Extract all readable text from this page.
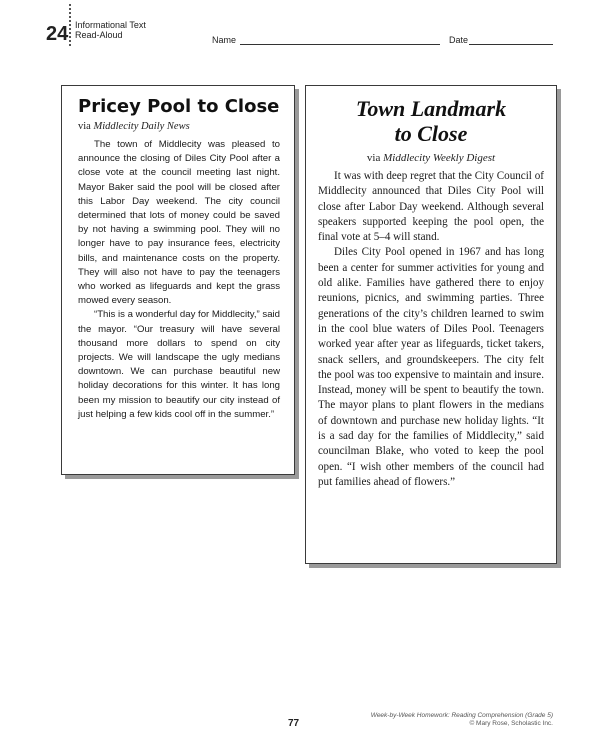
24 Informational Text
Read-Aloud	Name	Date
Pricey Pool to Close
via Middlecity Daily News

The town of Middlecity was pleased to announce the closing of Diles City Pool after a close vote at the council meeting last night. Mayor Baker said the pool will be closed after this Labor Day weekend. The city council determined that lots of money could be saved by not having a swimming pool. They will no longer have to pay insurance fees, electricity bills, and maintenance costs on the property. They will also not have to pay the teenagers who worked as lifeguards and kept the grass mowed every season.

“This is a wonderful day for Middlecity,” said the mayor. “Our treasury will have several thousand more dollars to spend on city projects. We will landscape the ugly medians downtown. We can purchase beautiful new holiday decorations for this winter. It has long been my mission to beautify our city instead of just helping a few kids cool off in the summer.”

Town Landmark
to Close
via Middlecity Weekly Digest

It was with deep regret that the City Council of Middlecity announced that Diles City Pool will close after Labor Day weekend. Although several speakers supported keeping the pool open, the final vote at 5–4 will stand.

Diles City Pool opened in 1967 and has long been a center for summer activities for young and old alike. Families have gathered there to enjoy reunions, picnics, and swimming parties. Three generations of the city’s children learned to swim in the cool blue waters of Diles Pool. Teenagers worked year after year as lifeguards, ticket takers, snack sellers, and groundskeepers. The city felt the pool was too expensive to maintain and insure. Instead, money will be spent to beautify the town. The mayor plans to plant flowers in the medians of downtown and purchase new holiday lights. “It is a sad day for the families of Middlecity,” said councilman Blake, who voted to keep the pool open. “I wish other members of the council had put families ahead of flowers.”

77
Week-by-Week Homework: Reading Comprehension (Grade 5)
© Mary Rose, Scholastic Inc.
